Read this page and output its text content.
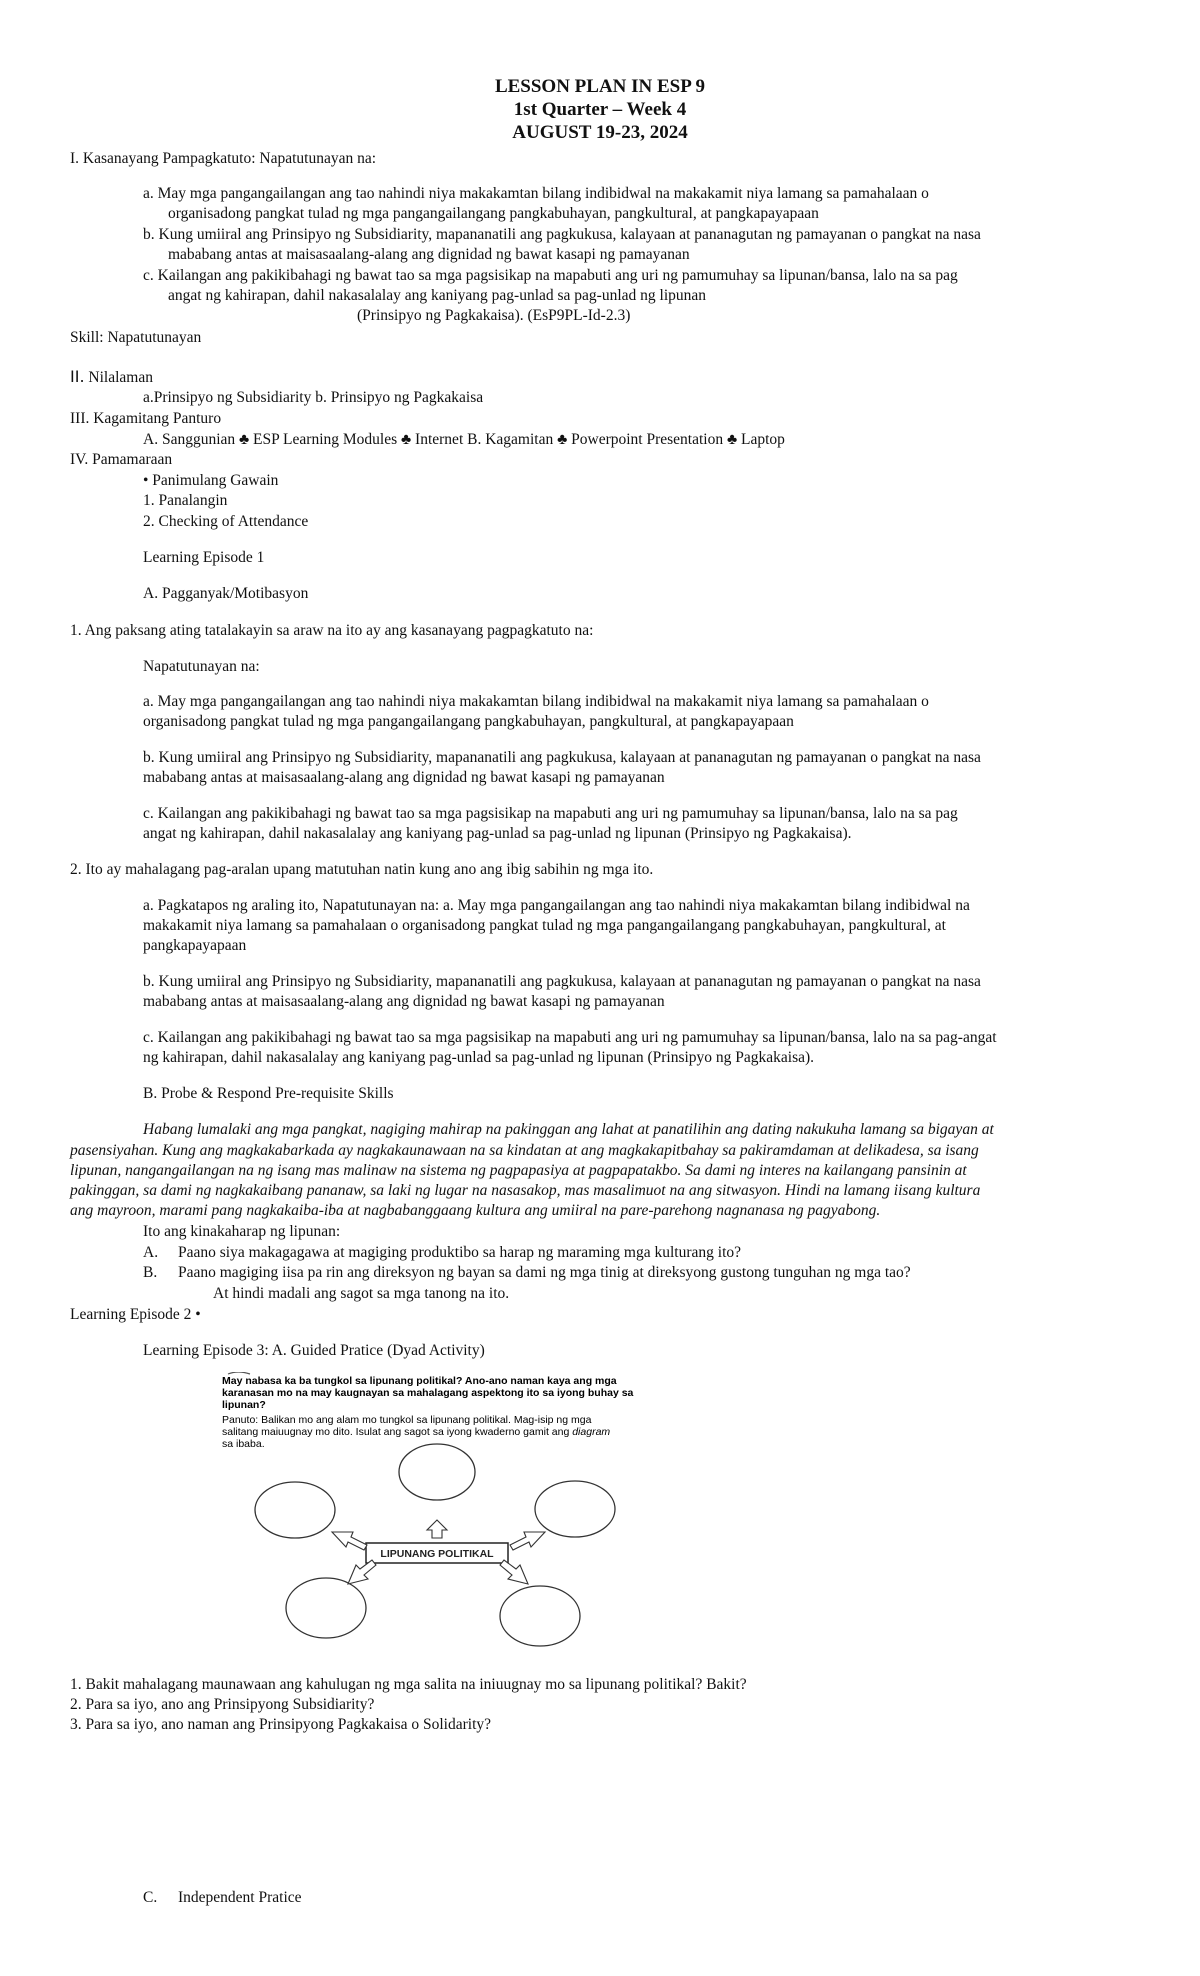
LESSON PLAN IN ESP 9
1st Quarter – Week 4
AUGUST 19-23, 2024
I. Kasanayang Pampagkatuto: Napatutunayan na:
a. May mga pangangailangan ang tao nahindi niya makakamtan bilang indibidwal na makakamit niya lamang sa pamahalaan o
organisadong pangkat tulad ng mga pangangailangang pangkabuhayan, pangkultural, at pangkapayapaan
b. Kung umiiral ang Prinsipyo ng Subsidiarity, mapananatili ang pagkukusa, kalayaan at pananagutan ng pamayanan o pangkat na nasa
mababang antas at maisasaalang-alang ang dignidad ng bawat kasapi ng pamayanan
c. Kailangan ang pakikibahagi ng bawat tao sa mga pagsisikap na mapabuti ang uri ng pamumuhay sa lipunan/bansa, lalo na sa pag
angat ng kahirapan, dahil nakasalalay ang kaniyang pag-unlad sa pag-unlad ng lipunan
(Prinsipyo ng Pagkakaisa). (EsP9PL-Id-2.3)
Skill: Napatutunayan
II. Nilalaman
a.Prinsipyo ng Subsidiarity b. Prinsipyo ng Pagkakaisa
III. Kagamitang Panturo
A. Sanggunian ♣ ESP Learning Modules ♣ Internet B. Kagamitan ♣ Powerpoint Presentation ♣ Laptop
IV. Pamamaraan
• Panimulang Gawain
1. Panalangin
2. Checking of Attendance
Learning Episode 1
A. Pagganyak/Motibasyon
1. Ang paksang ating tatalakayin sa araw na ito ay ang kasanayang pagpagkatuto na:
Napatutunayan na:
a. May mga pangangailangan ang tao nahindi niya makakamtan bilang indibidwal na makakamit niya lamang sa pamahalaan o
organisadong pangkat tulad ng mga pangangailangang pangkabuhayan, pangkultural, at pangkapayapaan
b. Kung umiiral ang Prinsipyo ng Subsidiarity, mapananatili ang pagkukusa, kalayaan at pananagutan ng pamayanan o pangkat na nasa
mababang antas at maisasaalang-alang ang dignidad ng bawat kasapi ng pamayanan
c. Kailangan ang pakikibahagi ng bawat tao sa mga pagsisikap na mapabuti ang uri ng pamumuhay sa lipunan/bansa, lalo na sa pag
angat ng kahirapan, dahil nakasalalay ang kaniyang pag-unlad sa pag-unlad ng lipunan (Prinsipyo ng Pagkakaisa).
2. Ito ay mahalagang pag-aralan upang matutuhan natin kung ano ang ibig sabihin ng mga ito.
a. Pagkatapos ng araling ito, Napatutunayan na: a. May mga pangangailangan ang tao nahindi niya makakamtan bilang indibidwal na
makakamit niya lamang sa pamahalaan o organisadong pangkat tulad ng mga pangangailangang pangkabuhayan, pangkultural, at
pangkapayapaan
b. Kung umiiral ang Prinsipyo ng Subsidiarity, mapananatili ang pagkukusa, kalayaan at pananagutan ng pamayanan o pangkat na nasa
mababang antas at maisasaalang-alang ang dignidad ng bawat kasapi ng pamayanan
c. Kailangan ang pakikibahagi ng bawat tao sa mga pagsisikap na mapabuti ang uri ng pamumuhay sa lipunan/bansa, lalo na sa pag-angat
ng kahirapan, dahil nakasalalay ang kaniyang pag-unlad sa pag-unlad ng lipunan (Prinsipyo ng Pagkakaisa).
B. Probe & Respond Pre-requisite Skills
Habang lumalaki ang mga pangkat, nagiging mahirap na pakinggan ang lahat at panatilihin ang dating nakukuha lamang sa bigayan at
pasensiyahan. Kung ang magkakabarkada ay nagkakaunawaan na sa kindatan at ang magkakapitbahay sa pakiramdaman at delikadesa, sa isang
lipunan, nangangailangan na ng isang mas malinaw na sistema ng pagpapasiya at pagpapatakbo. Sa dami ng interes na kailangang pansinin at
pakinggan, sa dami ng nagkakaibang pananaw, sa laki ng lugar na nasasakop, mas masalimuot na ang sitwasyon. Hindi na lamang iisang kultura
ang mayroon, marami pang nagkakaiba-iba at nagbabanggaang kultura ang umiiral na pare-parehong nagnanasa ng pagyabong.
Ito ang kinakaharap ng lipunan:
A. Paano siya makagagawa at magiging produktibo sa harap ng maraming mga kulturang ito?
B. Paano magiging iisa pa rin ang direksyon ng bayan sa dami ng mga tinig at direksyong gustong tunguhan ng mga tao?
At hindi madali ang sagot sa mga tanong na ito.
Learning Episode 2 •
Learning Episode 3: A. Guided Pratice (Dyad Activity)
May nabasa ka ba tungkol sa lipunang politikal? Ano-ano naman kaya ang mga
karanasan mo na may kaugnayan sa mahalagang aspektong ito sa iyong buhay sa
lipunan?
Panuto: Balikan mo ang alam mo tungkol sa lipunang politikal. Mag-isip ng mga
salitang maiuugnay mo dito. Isulat ang sagot sa iyong kwaderno gamit ang diagram
sa ibaba.
LIPUNANG POLITIKAL
1. Bakit mahalagang maunawaan ang kahulugan ng mga salita na iniuugnay mo sa lipunang politikal? Bakit?
2. Para sa iyo, ano ang Prinsipyong Subsidiarity?
3. Para sa iyo, ano naman ang Prinsipyong Pagkakaisa o Solidarity?
C. Independent Pratice
